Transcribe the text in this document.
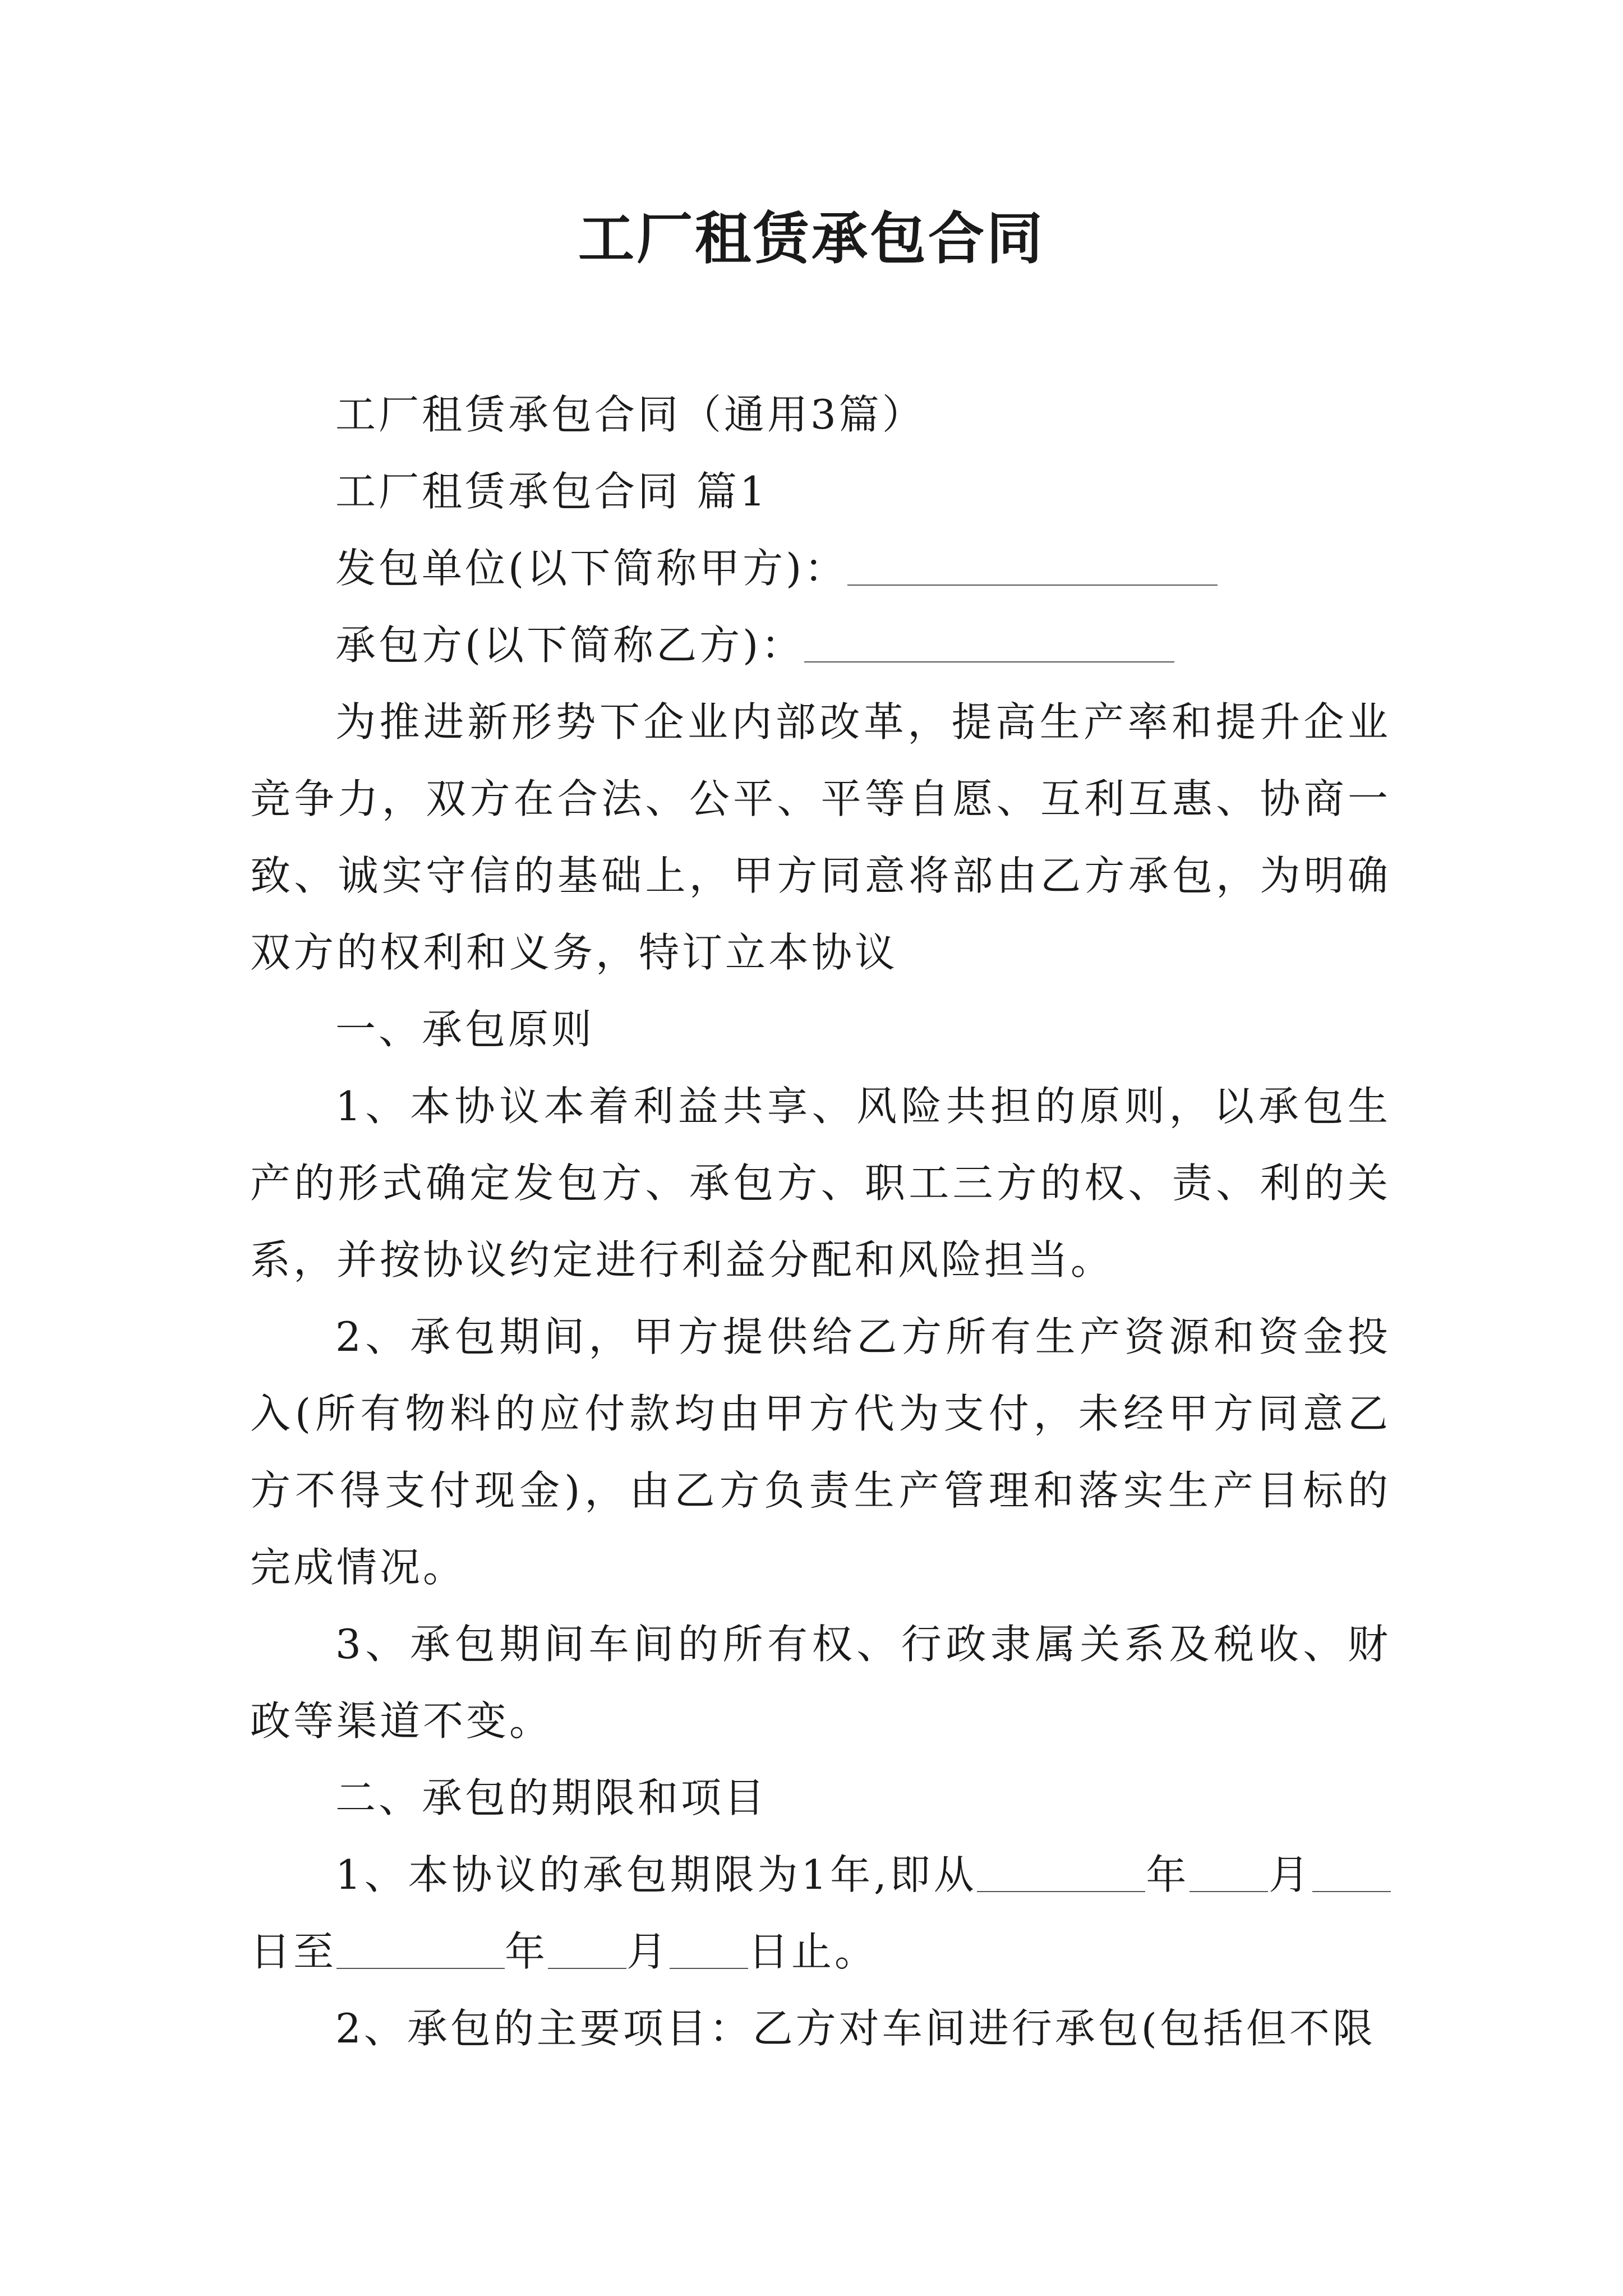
工厂租赁承包合同

工厂租赁承包合同（通用3篇）

工厂租赁承包合同 篇1

发包单位(以下简称甲方)：

承包方(以下简称乙方)：

为推进新形势下企业内部改革，提高生产率和提升企业竞争力，双方在合法、公平、平等自愿、互利互惠、协商一致、诚实守信的基础上，甲方同意将部由乙方承包，为明确双方的权利和义务，特订立本协议

一、承包原则

1、本协议本着利益共享、风险共担的原则，以承包生产的形式确定发包方、承包方、职工三方的权、责、利的关系，并按协议约定进行利益分配和风险担当。

2、承包期间，甲方提供给乙方所有生产资源和资金投入(所有物料的应付款均由甲方代为支付，未经甲方同意乙方不得支付现金)，由乙方负责生产管理和落实生产目标的完成情况。

3、承包期间车间的所有权、行政隶属关系及税收、财政等渠道不变。

二、承包的期限和项目

1、本协议的承包期限为1年,即从	年 月日至	年 月 日止。

2、承包的主要项目：乙方对车间进行承包(包括但不限
